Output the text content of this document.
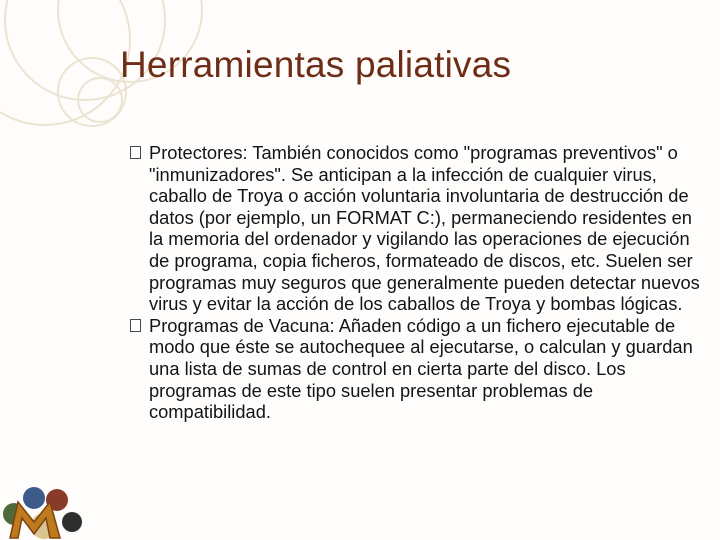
Herramientas paliativas
Protectores: También conocidos como "programas preventivos" o "inmunizadores". Se anticipan a la infección de cualquier virus, caballo de Troya o acción voluntaria involuntaria de destrucción de datos (por ejemplo, un FORMAT C:), permaneciendo residentes en la memoria del ordenador y vigilando las operaciones de ejecución de programa, copia ficheros, formateado de discos, etc. Suelen ser programas muy seguros que generalmente pueden detectar nuevos virus y evitar la acción de los caballos de Troya y bombas lógicas.
Programas de Vacuna: Añaden código a un fichero ejecutable de modo que éste se autochequee al ejecutarse, o calculan y guardan una lista de sumas de control en cierta parte del disco. Los programas de este tipo suelen presentar problemas de compatibilidad.
